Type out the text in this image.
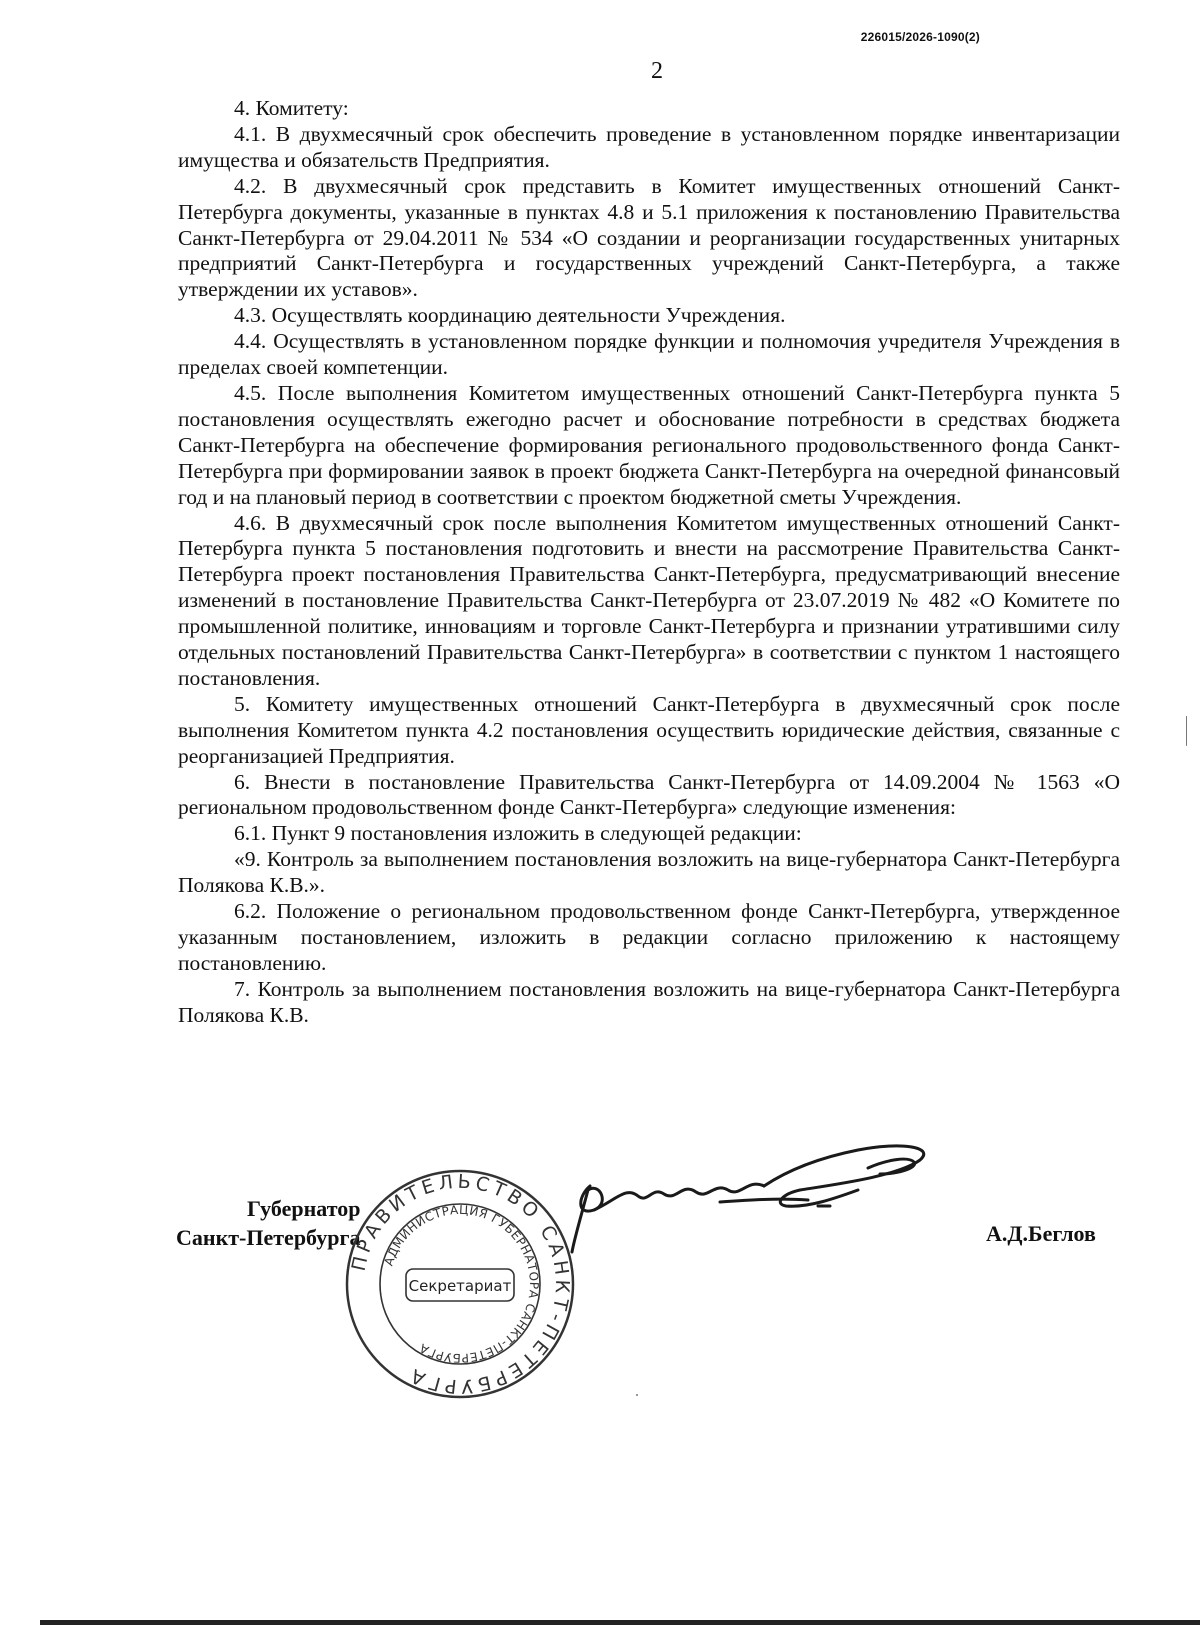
226015/2026-1090(2)
2

4. Комитету:

4.1. В двухмесячный срок обеспечить проведение в установленном порядке инвентаризации имущества и обязательств Предприятия.

4.2. В двухмесячный срок представить в Комитет имущественных отношений Санкт-Петербурга документы, указанные в пунктах 4.8 и 5.1 приложения к постановлению Правительства Санкт-Петербурга от 29.04.2011 № 534 «О создании и реорганизации государственных унитарных предприятий Санкт-Петербурга и государственных учреждений Санкт-Петербурга, а также утверждении их уставов».

4.3. Осуществлять координацию деятельности Учреждения.

4.4. Осуществлять в установленном порядке функции и полномочия учредителя Учреждения в пределах своей компетенции.

4.5. После выполнения Комитетом имущественных отношений Санкт-Петербурга пункта 5 постановления осуществлять ежегодно расчет и обоснование потребности в средствах бюджета Санкт-Петербурга на обеспечение формирования регионального продовольственного фонда Санкт-Петербурга при формировании заявок в проект бюджета Санкт-Петербурга на очередной финансовый год и на плановый период в соответствии с проектом бюджетной сметы Учреждения.

4.6. В двухмесячный срок после выполнения Комитетом имущественных отношений Санкт-Петербурга пункта 5 постановления подготовить и внести на рассмотрение Правительства Санкт-Петербурга проект постановления Правительства Санкт-Петербурга, предусматривающий внесение изменений в постановление Правительства Санкт-Петербурга от 23.07.2019 № 482 «О Комитете по промышленной политике, инновациям и торговле Санкт-Петербурга и признании утратившими силу отдельных постановлений Правительства Санкт-Петербурга» в соответствии с пунктом 1 настоящего постановления.

5. Комитету имущественных отношений Санкт-Петербурга в двухмесячный срок после выполнения Комитетом пункта 4.2 постановления осуществить юридические действия, связанные с реорганизацией Предприятия.

6. Внести в постановление Правительства Санкт-Петербурга от 14.09.2004 № 1563 «О региональном продовольственном фонде Санкт-Петербурга» следующие изменения:

6.1. Пункт 9 постановления изложить в следующей редакции:

«9. Контроль за выполнением постановления возложить на вице-губернатора Санкт-Петербурга Полякова К.В.».

6.2. Положение о региональном продовольственном фонде Санкт-Петербурга, утвержденное указанным постановлением, изложить в редакции согласно приложению к настоящему постановлению.

7. Контроль за выполнением постановления возложить на вице-губернатора Санкт-Петербурга Полякова К.В.

Губернатор
Санкт-Петербурга
ПРАВИТЕЛЬСТВО САНКТ-ПЕТЕРБУРГА
АДМИНИСТРАЦИЯ ГУБЕРНАТОРА САНКТ-ПЕТЕРБУРГА
Секретариат
А.Д.Беглов
